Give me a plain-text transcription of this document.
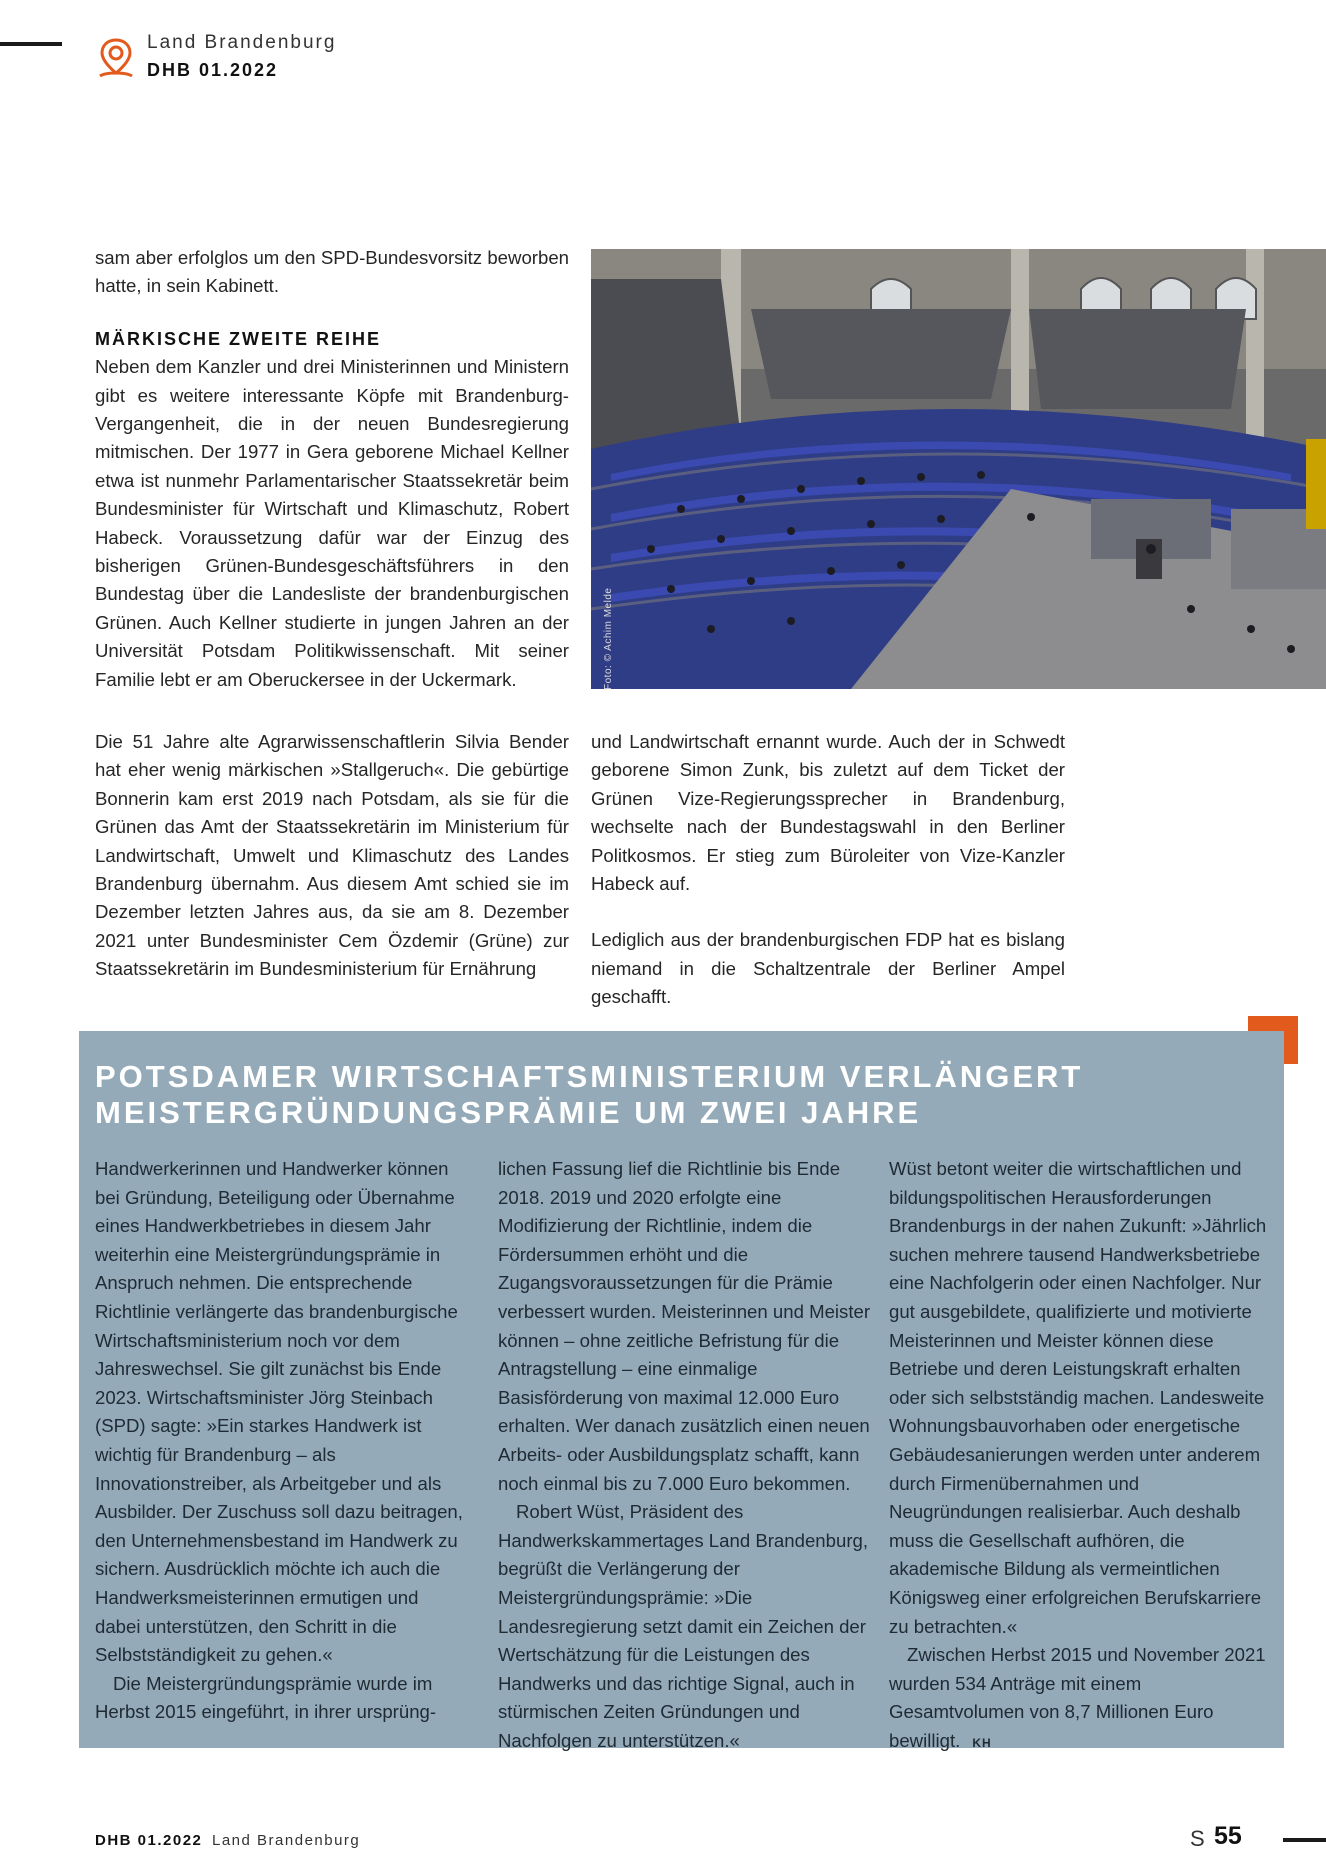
Land Brandenburg
DHB 01.2022

sam aber erfolglos um den SPD-Bundesvorsitz beworben hatte, in sein Kabinett.

MÄRKISCHE ZWEITE REIHE

Neben dem Kanzler und drei Ministerinnen und Ministern gibt es weitere interessante Köpfe mit Brandenburg-Vergangenheit, die in der neuen Bundesregierung mitmischen. Der 1977 in Gera geborene Michael Kellner etwa ist nunmehr Parlamentarischer Staatssekretär beim Bundesminister für Wirtschaft und Klimaschutz, Robert Habeck. Voraussetzung dafür war der Einzug des bisherigen Grünen-Bundesgeschäftsführers in den Bundestag über die Landesliste der brandenburgischen Grünen. Auch Kellner studierte in jungen Jahren an der Universität Potsdam Politikwissenschaft. Mit seiner Familie lebt er am Oberuckersee in der Uckermark.	Foto: © Achim Melde

Die 51 Jahre alte Agrarwissenschaftlerin Silvia Bender hat eher wenig märkischen »Stallgeruch«. Die gebürtige Bonnerin kam erst 2019 nach Potsdam, als sie für die Grünen das Amt der Staatssekretärin im Ministerium für Landwirtschaft, Umwelt und Klimaschutz des Landes Brandenburg übernahm. Aus diesem Amt schied sie im Dezember letzten Jahres aus, da sie am 8. Dezember 2021 unter Bundesminister Cem Özdemir (Grüne) zur Staatssekretärin im Bundesministerium für Ernährung

und Landwirtschaft ernannt wurde. Auch der in Schwedt geborene Simon Zunk, bis zuletzt auf dem Ticket der Grünen Vize-Regierungssprecher in Brandenburg, wechselte nach der Bundestagswahl in den Berliner Politkosmos. Er stieg zum Büroleiter von Vize-Kanzler Habeck auf.

Lediglich aus der brandenburgischen FDP hat es bislang niemand in die Schaltzentrale der Berliner Ampel geschafft.

POTSDAMER WIRTSCHAFTSMINISTERIUM VERLÄNGERT
MEISTERGRÜNDUNGSPRÄMIE UM ZWEI JAHRE

Handwerkerinnen und Handwerker können bei Gründung, Beteiligung oder Übernahme eines Handwerkbetriebes in diesem Jahr weiterhin eine Meistergründungsprämie in Anspruch nehmen. Die entsprechende Richtlinie verlängerte das brandenburgische Wirtschaftsministerium noch vor dem Jahreswechsel. Sie gilt zunächst bis Ende 2023. Wirtschaftsminister Jörg Steinbach (SPD) sagte: »Ein starkes Handwerk ist wichtig für Brandenburg – als Innovationstreiber, als Arbeitgeber und als Ausbilder. Der Zuschuss soll dazu beitragen, den Unternehmensbestand im Handwerk zu sichern. Ausdrücklich möchte ich auch die Handwerksmeisterinnen ermutigen und dabei unterstützen, den Schritt in die Selbstständigkeit zu gehen.«

Die Meistergründungsprämie wurde im Herbst 2015 eingeführt, in ihrer ursprüng-

lichen Fassung lief die Richtlinie bis Ende 2018. 2019 und 2020 erfolgte eine Modifizierung der Richtlinie, indem die Fördersummen erhöht und die Zugangsvoraussetzungen für die Prämie verbessert wurden. Meisterinnen und Meister können – ohne zeitliche Befristung für die Antragstellung – eine einmalige Basisförderung von maximal 12.000 Euro erhalten. Wer danach zusätzlich einen neuen Arbeits- oder Ausbildungsplatz schafft, kann noch einmal bis zu 7.000 Euro bekommen.

Robert Wüst, Präsident des Handwerkskammertages Land Brandenburg, begrüßt die Verlängerung der Meistergründungsprämie: »Die Landesregierung setzt damit ein Zeichen der Wertschätzung für die Leistungen des Handwerks und das richtige Signal, auch in stürmischen Zeiten Gründungen und Nachfolgen zu unterstützen.«

Wüst betont weiter die wirtschaftlichen und bildungspolitischen Herausforderungen Brandenburgs in der nahen Zukunft: »Jährlich suchen mehrere tausend Handwerksbetriebe eine Nachfolgerin oder einen Nachfolger. Nur gut ausgebildete, qualifizierte und motivierte Meisterinnen und Meister können diese Betriebe und deren Leistungskraft erhalten oder sich selbstständig machen. Landesweite Wohnungsbauvorhaben oder energetische Gebäudesanierungen werden unter anderem durch Firmenübernahmen und Neugründungen realisierbar. Auch deshalb muss die Gesellschaft aufhören, die akademische Bildung als vermeintlichen Königsweg einer erfolgreichen Berufskarriere zu betrachten.«

Zwischen Herbst 2015 und November 2021 wurden 534 Anträge mit einem Gesamtvolumen von 8,7 Millionen Euro bewilligt. KH

DHB 01.2022 Land Brandenburg	S 55
